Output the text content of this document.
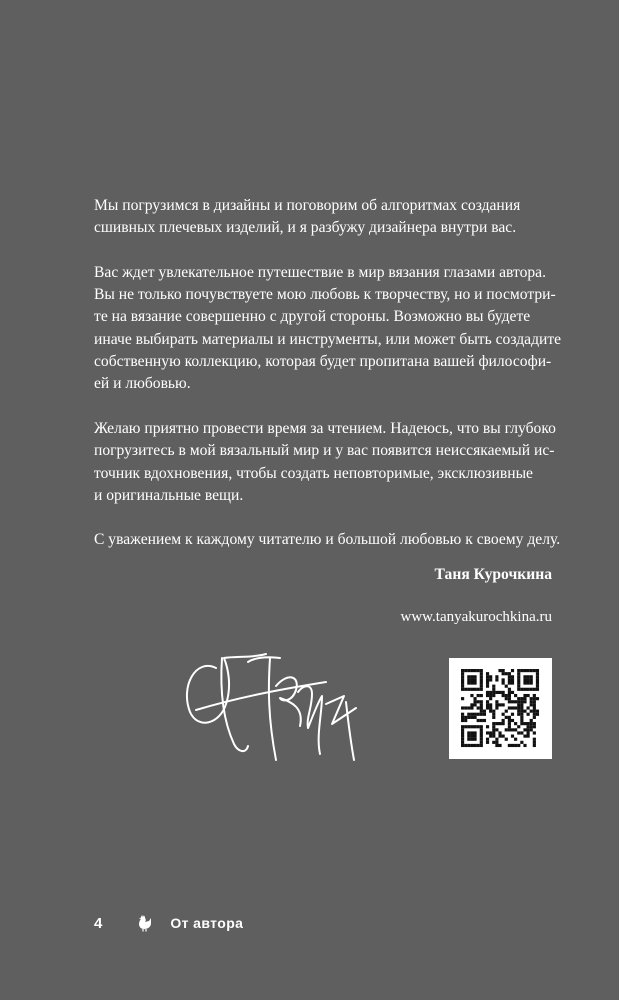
Мы погрузимся в дизайны и поговорим об алгоритмах создания
сшивных плечевых изделий, и я разбужу дизайнера внутри вас.

Вас ждет увлекательное путешествие в мир вязания глазами автора.
Вы не только почувствуете мою любовь к творчеству, но и посмотри-
те на вязание совершенно с другой стороны. Возможно вы будете
иначе выбирать материалы и инструменты, или может быть создадите
собственную коллекцию, которая будет пропитана вашей философи-
ей и любовью.

Желаю приятно провести время за чтением. Надеюсь, что вы глубоко
погрузитесь в мой вязальный мир и у вас появится неиссякаемый ис-
точник вдохновения, чтобы создать неповторимые, эксклюзивные
и оригинальные вещи.

С уважением к каждому читателю и большой любовью к своему делу.

Таня Курочкина
www.tanyakurochkina.ru
4	От автора
